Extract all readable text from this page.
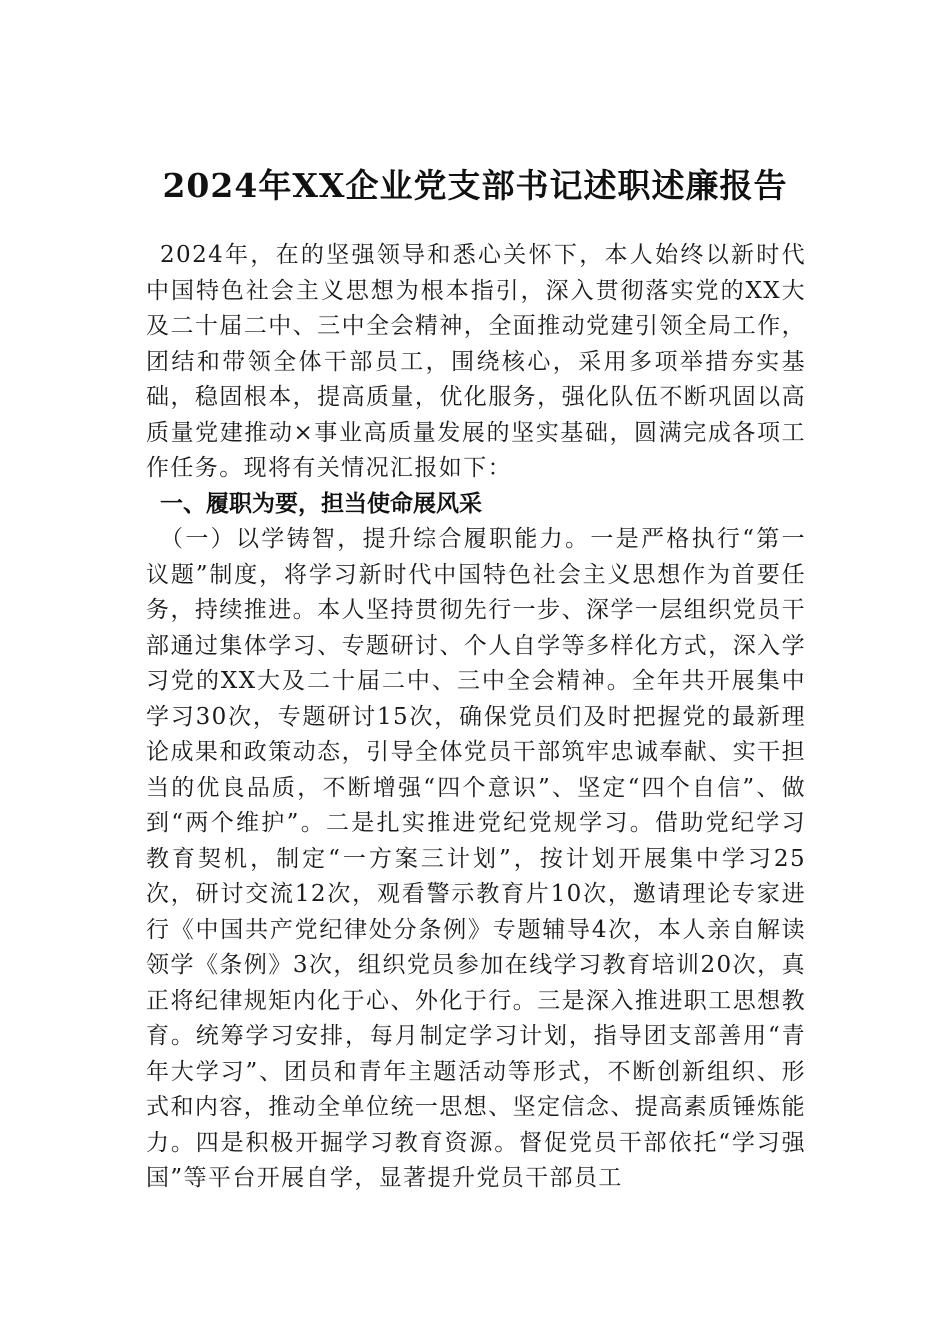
2024年XX企业党支部书记述职述廉报告

2024年，在的坚强领导和悉心关怀下，本人始终以新时代中国特色社会主义思想为根本指引，深入贯彻落实党的XX大及二十届二中、三中全会精神，全面推动党建引领全局工作，团结和带领全体干部员工，围绕核心，采用多项举措夯实基础，稳固根本，提高质量，优化服务，强化队伍不断巩固以高质量党建推动×事业高质量发展的坚实基础，圆满完成各项工作任务。现将有关情况汇报如下：

一、履职为要，担当使命展风采

（一）以学铸智，提升综合履职能力。一是严格执行“第一议题”制度，将学习新时代中国特色社会主义思想作为首要任务，持续推进。本人坚持贯彻先行一步、深学一层组织党员干部通过集体学习、专题研讨、个人自学等多样化方式，深入学习党的XX大及二十届二中、三中全会精神。全年共开展集中学习30次，专题研讨15次，确保党员们及时把握党的最新理论成果和政策动态，引导全体党员干部筑牢忠诚奉献、实干担当的优良品质，不断增强“四个意识”、坚定“四个自信”、做到“两个维护”。二是扎实推进党纪党规学习。借助党纪学习教育契机，制定“一方案三计划”，按计划开展集中学习25次，研讨交流12次，观看警示教育片10次，邀请理论专家进行《中国共产党纪律处分条例》专题辅导4次，本人亲自解读领学《条例》3次，组织党员参加在线学习教育培训20次，真正将纪律规矩内化于心、外化于行。三是深入推进职工思想教育。统筹学习安排，每月制定学习计划，指导团支部善用“青年大学习”、团员和青年主题活动等形式，不断创新组织、形式和内容，推动全单位统一思想、坚定信念、提高素质锤炼能力。四是积极开掘学习教育资源。督促党员干部依托“学习强国”等平台开展自学，显著提升党员干部员工
